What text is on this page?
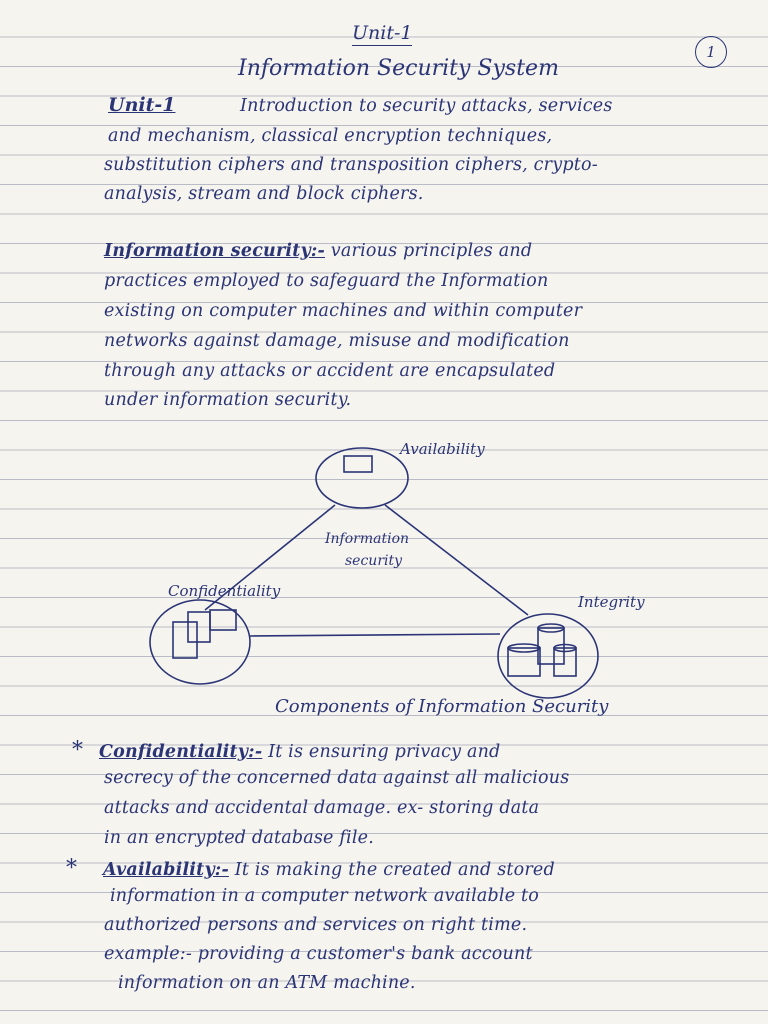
Unit-1
1
Information Security System
Unit-1	Introduction to security attacks, services
and mechanism, classical encryption techniques,
substitution ciphers and transposition ciphers, crypto-
analysis, stream and block ciphers.
Information security:- various principles and
practices employed to safeguard the Information
existing on computer machines and within computer
networks against damage, misuse and modification
through any attacks or accident are encapsulated
under information security.
Availability
Information
security
Confidentiality
Integrity
Components of Information Security
* Confidentiality:- It is ensuring privacy and
secrecy of the concerned data against all malicious
attacks and accidental damage. ex- storing data
in an encrypted database file.
* Availability:- It is making the created and stored
information in a computer network available to
authorized persons and services on right time.
example:- providing a customer's bank account
information on an ATM machine.
